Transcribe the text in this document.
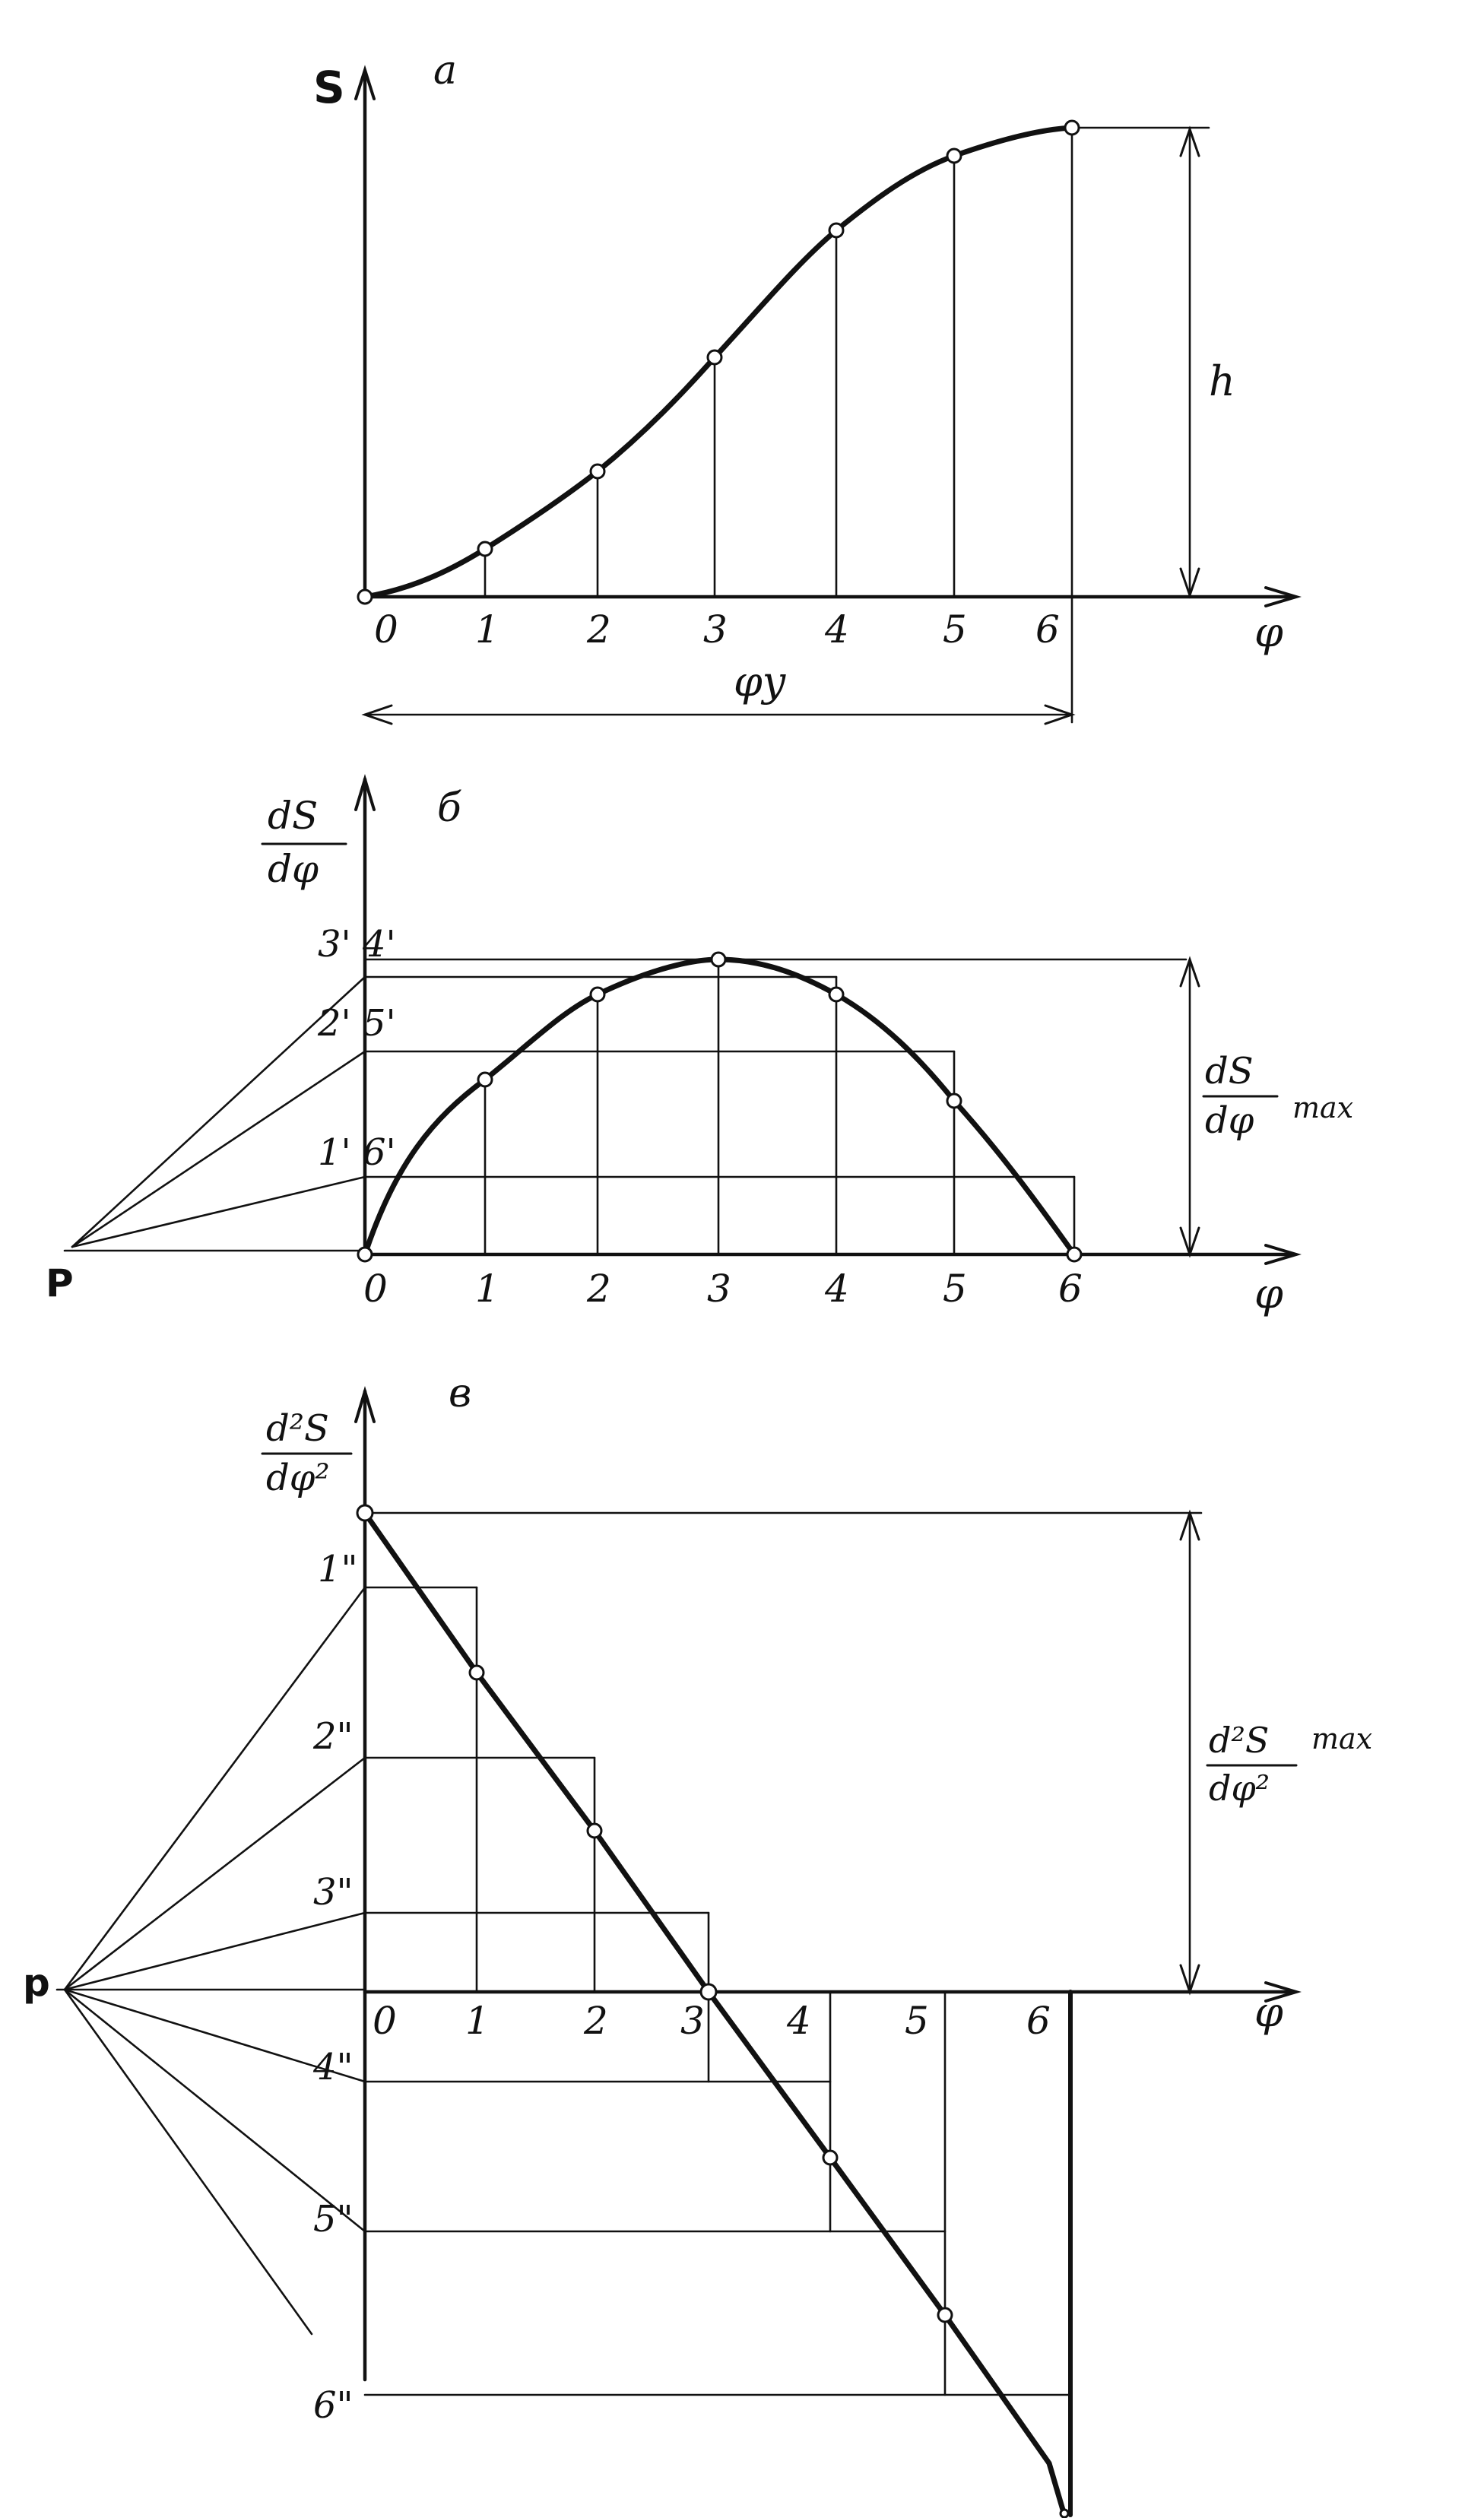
S а
φ
h
φу
0 1 2 3	4 5 6
dS
dφ
б
φ
P
3' 4'
2' 5'
1' 6'
dS
dφ max
0 1 2	3 4 5 6
d²S
dφ²
в
φ
p
1"
2"
3"
4"
5"
6"
d²S
dφ²
max
0 1 2 3 4 5	6
